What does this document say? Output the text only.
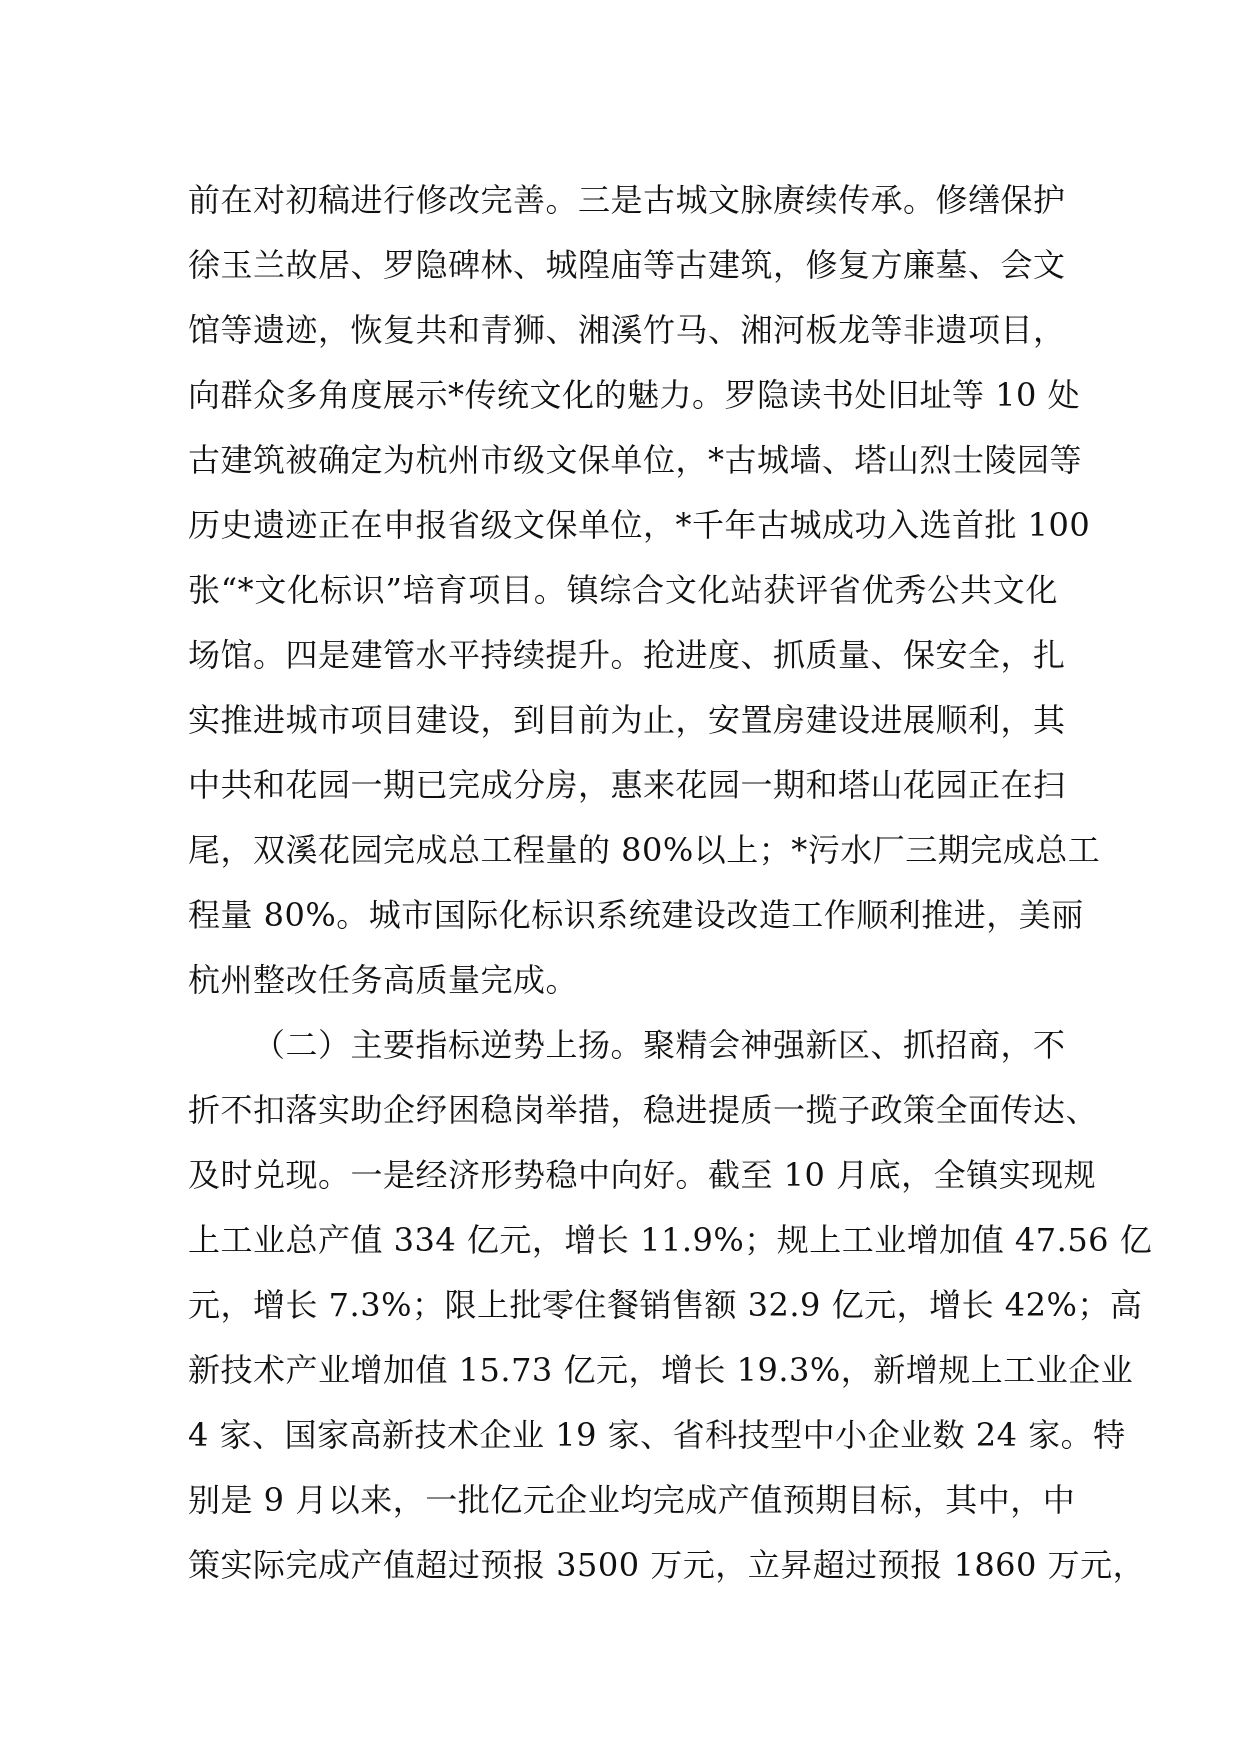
前在对初稿进行修改完善。三是古城文脉赓续传承。修缮保护
徐玉兰故居、罗隐碑林、城隍庙等古建筑，修复方廉墓、会文
馆等遗迹，恢复共和青狮、湘溪竹马、湘河板龙等非遗项目，
向群众多角度展示*传统文化的魅力。罗隐读书处旧址等 10 处
古建筑被确定为杭州市级文保单位，*古城墙、塔山烈士陵园等
历史遗迹正在申报省级文保单位，*千年古城成功入选首批 100
张“*文化标识”培育项目。镇综合文化站获评省优秀公共文化
场馆。四是建管水平持续提升。抢进度、抓质量、保安全，扎
实推进城市项目建设，到目前为止，安置房建设进展顺利，其
中共和花园一期已完成分房，惠来花园一期和塔山花园正在扫
尾，双溪花园完成总工程量的 80%以上；*污水厂三期完成总工
程量 80%。城市国际化标识系统建设改造工作顺利推进，美丽
杭州整改任务高质量完成。
（二）主要指标逆势上扬。聚精会神强新区、抓招商，不
折不扣落实助企纾困稳岗举措，稳进提质一揽子政策全面传达、
及时兑现。一是经济形势稳中向好。截至 10 月底，全镇实现规
上工业总产值 334 亿元，增长 11.9%；规上工业增加值 47.56 亿
元，增长 7.3%；限上批零住餐销售额 32.9 亿元，增长 42%；高
新技术产业增加值 15.73 亿元，增长 19.3%，新增规上工业企业
4 家、国家高新技术企业 19 家、省科技型中小企业数 24 家。特
别是 9 月以来，一批亿元企业均完成产值预期目标，其中，中
策实际完成产值超过预报 3500 万元，立昇超过预报 1860 万元，
